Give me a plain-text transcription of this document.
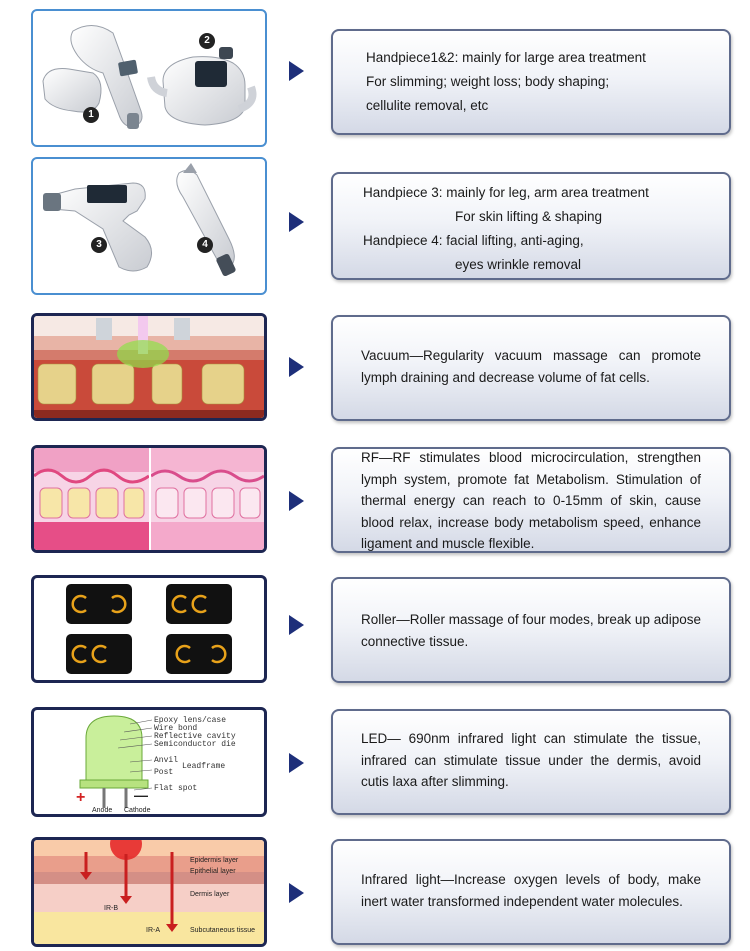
1
2
Handpiece1&2: mainly for large area treatment
For slimming; weight loss; body shaping;
cellulite removal, etc
3	4
Handpiece 3: mainly for leg, arm area treatment
For skin lifting & shaping
Handpiece 4: facial lifting, anti-aging,
eyes wrinkle removal
Vacuum—Regularity vacuum massage can promote lymph draining and decrease volume of fat cells.
RF—RF stimulates blood microcirculation, strengthen lymph system, promote fat Metabolism. Stimulation of thermal energy can reach to 0-15mm of skin, cause blood relax, increase body metabolism speed, enhance ligament and muscle flexible.
Roller—Roller massage of four modes, break up adipose connective tissue.
Epoxy lens/case
Wire bond
Reflective cavity
Semiconductor die
Anvil
Post
Leadframe
Flat spot
+	—
Anode Cathode
LED— 690nm infrared light can stimulate the tissue, infrared can stimulate tissue under the dermis, avoid cutis laxa after slimming.
Epidermis layer
Epithelial layer
Dermis layer
Subcutaneous tissue
IR-B
IR-A
Infrared light—Increase oxygen levels of body, make inert water transformed independent water molecules.
